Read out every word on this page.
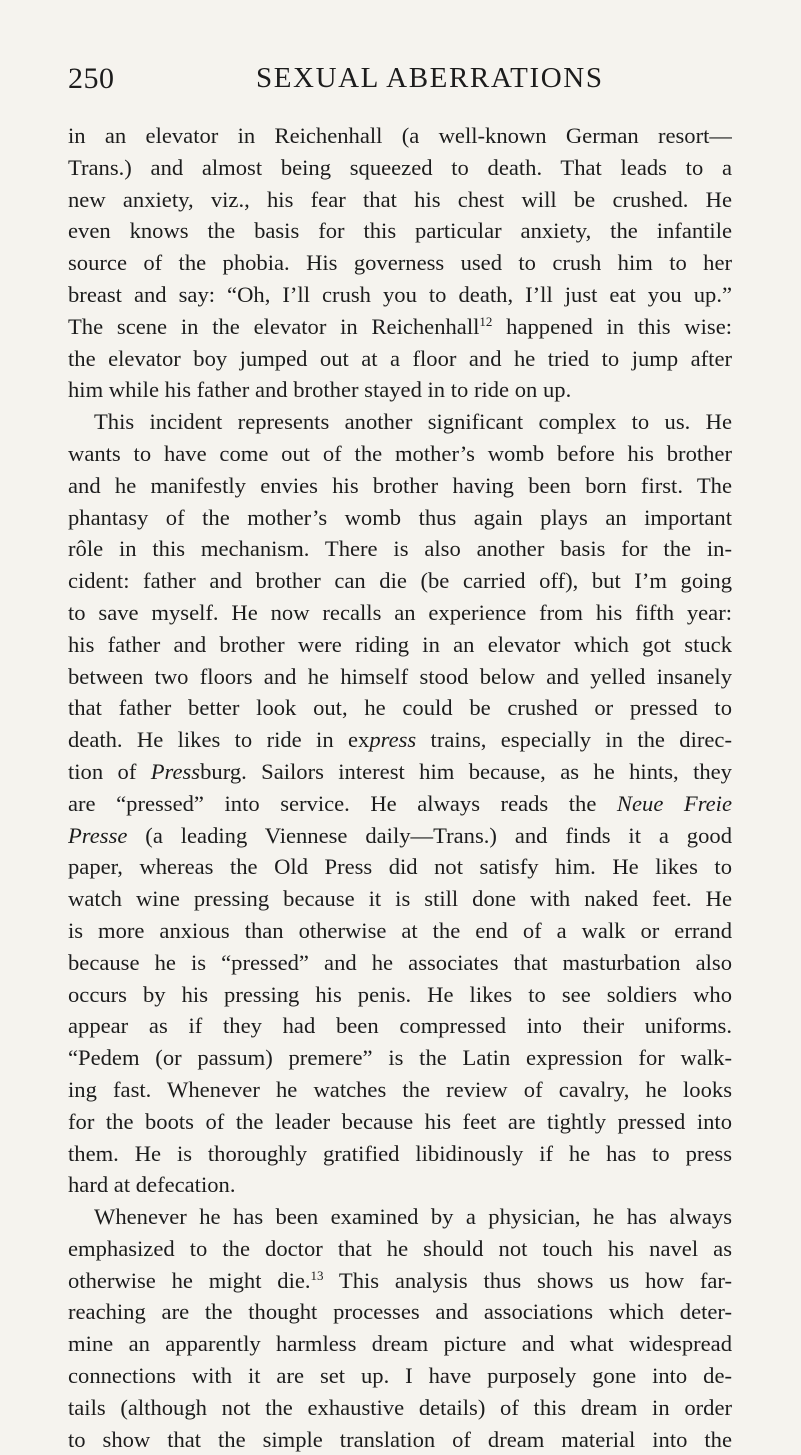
250	SEXUAL ABERRATIONS
in an elevator in Reichenhall (a well-known German resort—
Trans.) and almost being squeezed to death. That leads to a
new anxiety, viz., his fear that his chest will be crushed. He
even knows the basis for this particular anxiety, the infantile
source of the phobia. His governess used to crush him to her
breast and say: “Oh, I’ll crush you to death, I’ll just eat you up.”
The scene in the elevator in Reichenhall$^{12}$ happened in this wise:
the elevator boy jumped out at a floor and he tried to jump after
him while his father and brother stayed in to ride on up.
This incident represents another significant complex to us. He
wants to have come out of the mother’s womb before his brother
and he manifestly envies his brother having been born first. The
phantasy of the mother’s womb thus again plays an important
rôle in this mechanism. There is also another basis for the in-
cident: father and brother can die (be carried off), but I’m going
to save myself. He now recalls an experience from his fifth year:
his father and brother were riding in an elevator which got stuck
between two floors and he himself stood below and yelled insanely
that father better look out, he could be crushed or pressed to
death. He likes to ride in express trains, especially in the direc-
tion of Pressburg. Sailors interest him because, as he hints, they
are “pressed” into service. He always reads the Neue Freie
Presse (a leading Viennese daily—Trans.) and finds it a good
paper, whereas the Old Press did not satisfy him. He likes to
watch wine pressing because it is still done with naked feet. He
is more anxious than otherwise at the end of a walk or errand
because he is “pressed” and he associates that masturbation also
occurs by his pressing his penis. He likes to see soldiers who
appear as if they had been compressed into their uniforms.
“Pedem (or passum) premere” is the Latin expression for walk-
ing fast. Whenever he watches the review of cavalry, he looks
for the boots of the leader because his feet are tightly pressed into
them. He is thoroughly gratified libidinously if he has to press
hard at defecation.
Whenever he has been examined by a physician, he has always
emphasized to the doctor that he should not touch his navel as
otherwise he might die.$^{13}$ This analysis thus shows us how far-
reaching are the thought processes and associations which deter-
mine an apparently harmless dream picture and what widespread
connections with it are set up. I have purposely gone into de-
tails (although not the exhaustive details) of this dream in order
to show that the simple translation of dream material into the
